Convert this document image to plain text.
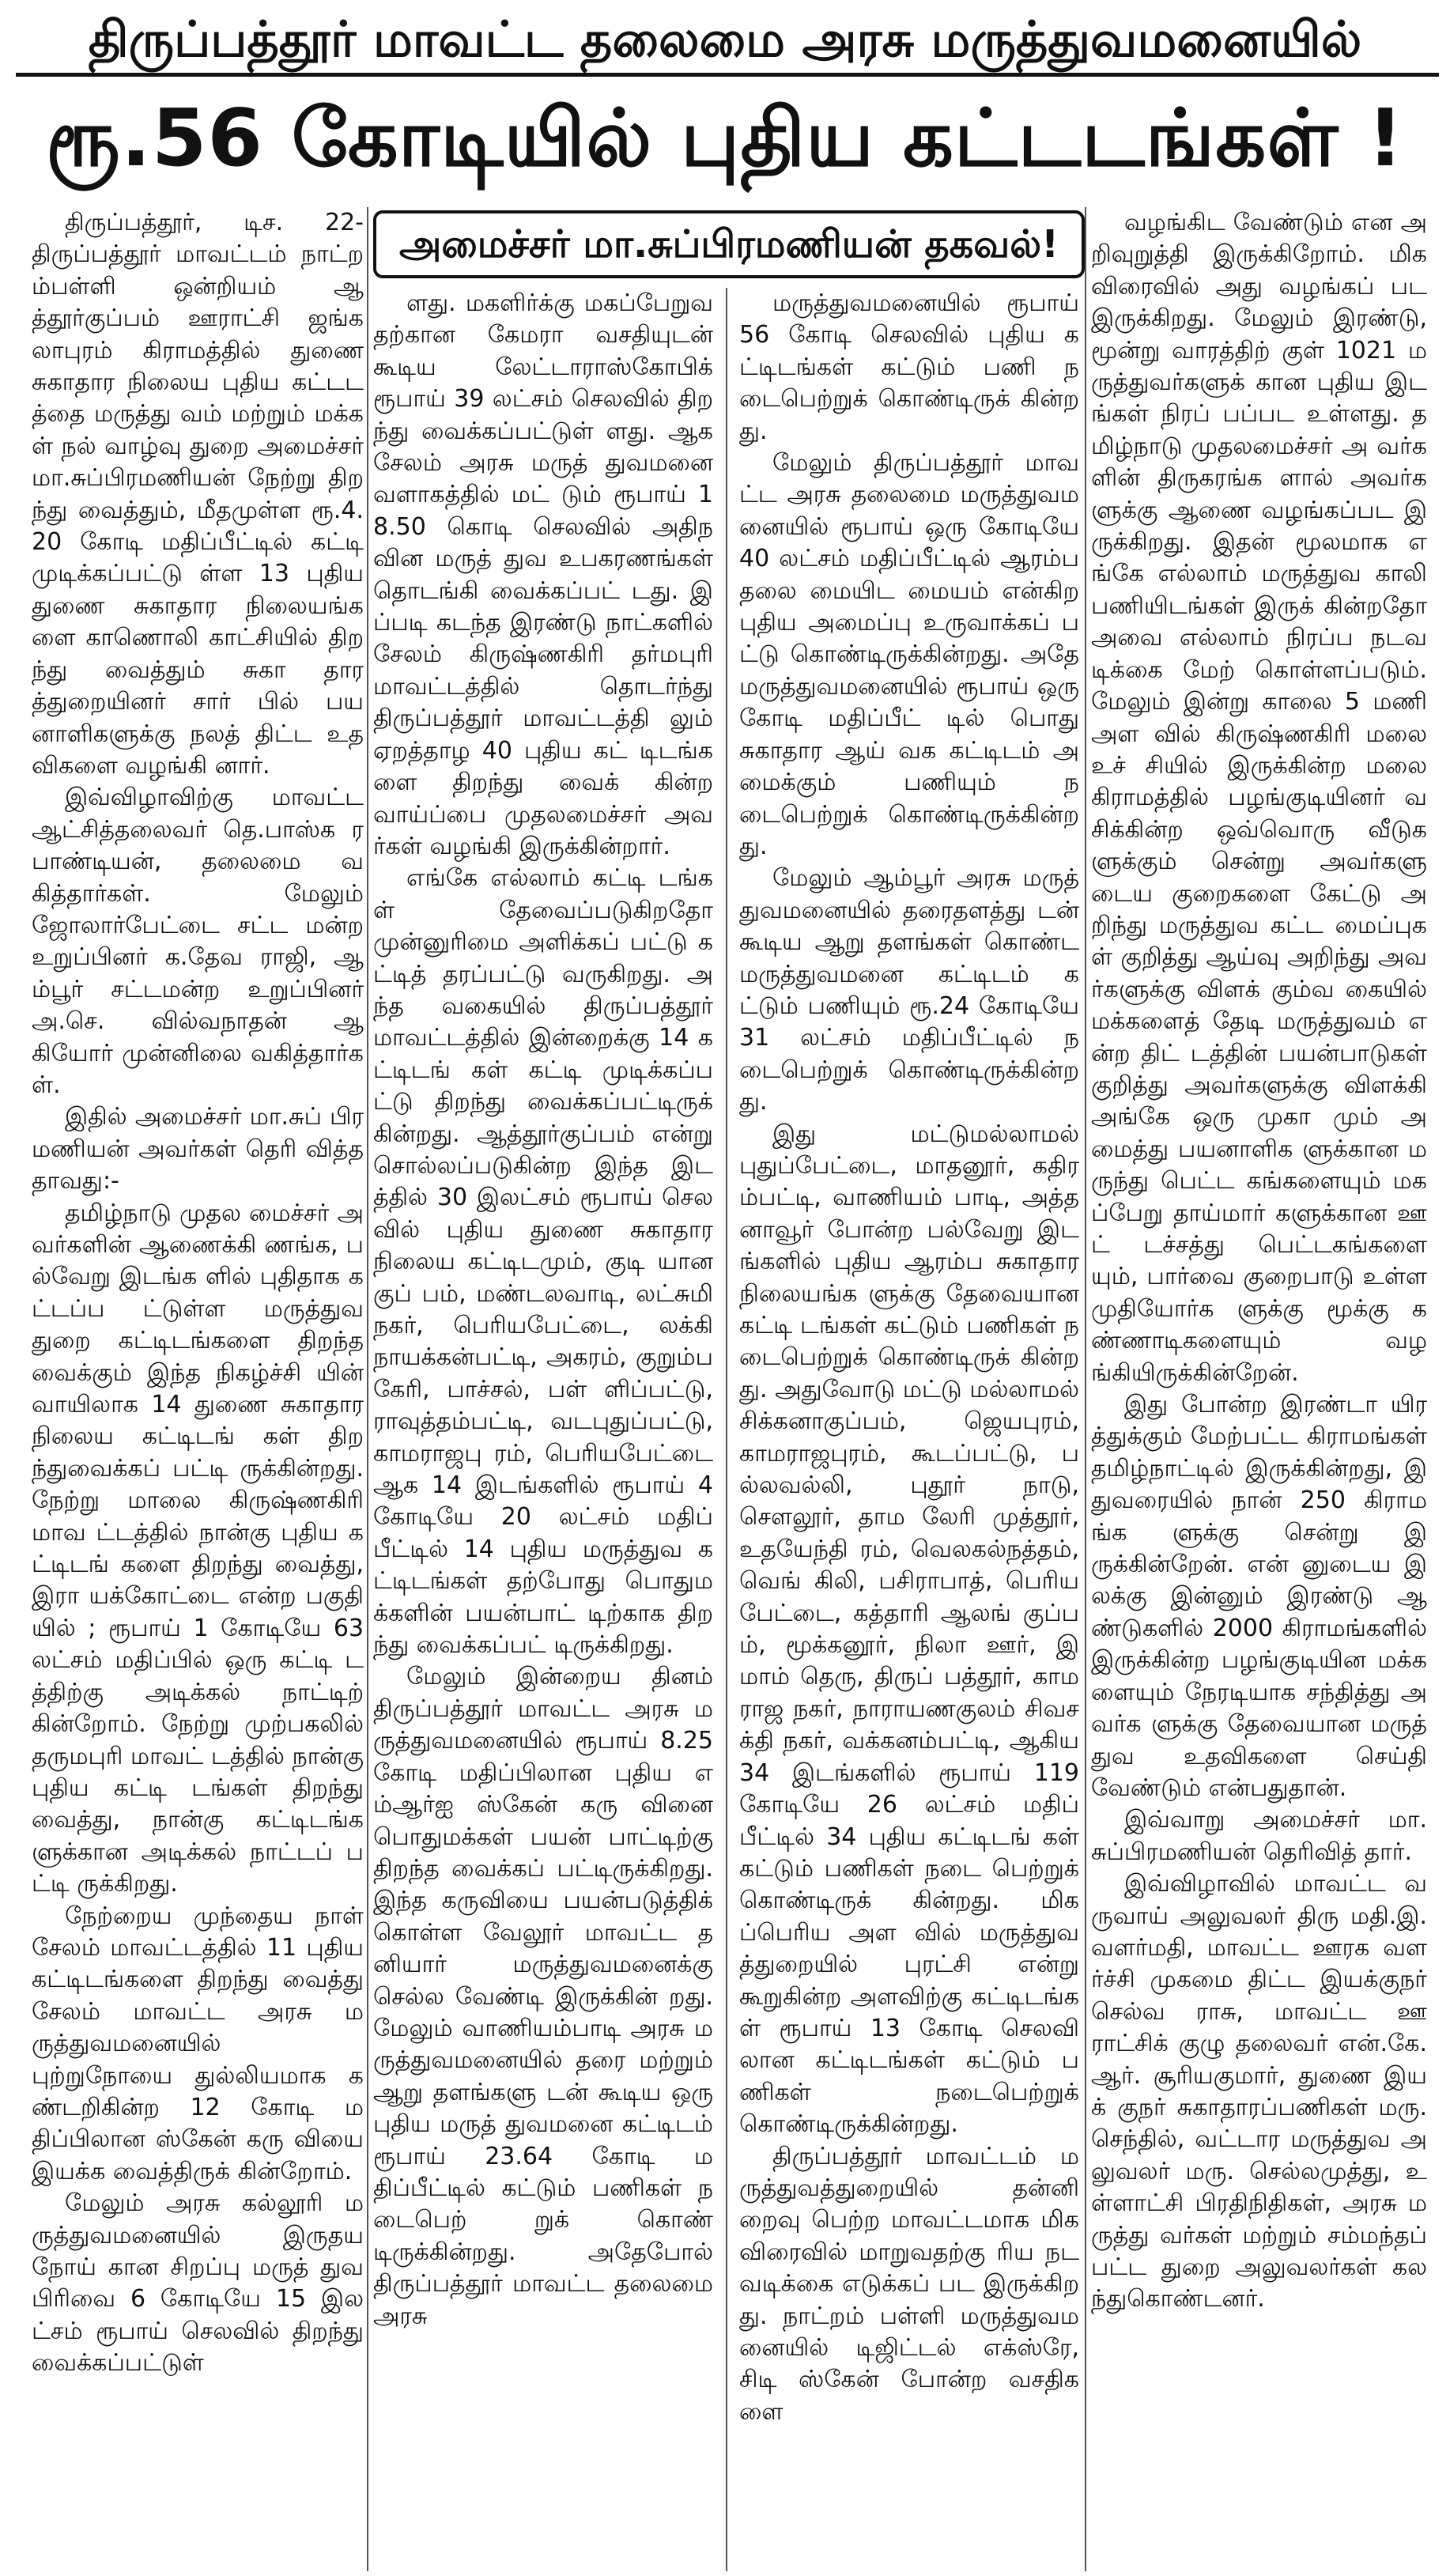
திருப்பத்தூர் மாவட்ட தலைமை அரசு மருத்துவமனையில்
ரூ.56 கோடியில் புதிய கட்டடங்கள் !
அமைச்சர் மா.சுப்பிரமணியன் தகவல்!

திருப்பத்தூர், டிச. 22- திருப்பத்தூர் மாவட்டம் நாட்றம்பள்ளி ஒன்றியம் ஆத்தூர்குப்பம் ஊராட்சி ஜங்கலாபுரம் கிராமத்தில் துணை சுகாதார நிலைய புதிய கட்டடத்தை மருத்து வம் மற்றும் மக்கள் நல் வாழ்வு துறை அமைச்சர் மா.சுப்பிரமணியன் நேற்று திறந்து வைத்தும், மீதமுள்ள ரூ.4.20 கோடி மதிப்பீட்டில் கட்டி முடிக்கப்பட்டு ள்ள 13 புதிய துணை சுகாதார நிலையங்களை காணொலி காட்சியில் திறந்து வைத்தும் சுகா தாரத்துறையினர் சார் பில் பயனாளிகளுக்கு நலத் திட்ட உதவிகளை வழங்கி னார்.

இவ்விழாவிற்கு மாவட்ட ஆட்சித்தலைவர் தெ.பாஸ்க ரபாண்டியன், தலைமை வகித்தார்கள். மேலும் ஜோலார்பேட்டை சட்ட மன்ற உறுப்பினர் க.தேவ ராஜி, ஆம்பூர் சட்டமன்ற உறுப்பினர் அ.செ. வில்வநாதன் ஆகியோர் முன்னிலை வகித்தார்கள்.

இதில் அமைச்சர் மா.சுப் பிரமணியன் அவர்கள் தெரி வித்ததாவது:-

தமிழ்நாடு முதல மைச்சர் அவர்களின் ஆணைக்கி ணங்க, பல்வேறு இடங்க ளில் புதிதாக கட்டப்ப ட்டுள்ள மருத்துவ துறை கட்டிடங்களை திறந்த வைக்கும் இந்த நிகழ்ச்சி யின் வாயிலாக 14 துணை சுகாதார நிலைய கட்டிடங் கள் திறந்துவைக்கப் பட்டி ருக்கின்றது. நேற்று மாலை கிருஷ்ணகிரி மாவ ட்டத்தில் நான்கு புதிய கட்டிடங் களை திறந்து வைத்து, இரா யக்கோட்டை என்ற பகுதி யில் ; ரூபாய் 1 கோடியே 63 லட்சம் மதிப்பில் ஒரு கட்டி டத்திற்கு அடிக்கல் நாட்டிற் கின்றோம். நேற்று முற்பகலில் தருமபுரி மாவட் டத்தில் நான்கு புதிய கட்டி டங்கள் திறந்து வைத்து, நான்கு கட்டிடங்களுக்கான அடிக்கல் நாட்டப் பட்டி ருக்கிறது.

நேற்றைய முந்தைய நாள் சேலம் மாவட்டத்தில் 11 புதிய கட்டிடங்களை திறந்து வைத்து சேலம் மாவட்ட அரசு மருத்துவமனையில் புற்றுநோயை துல்லியமாக கண்டறிகின்ற 12 கோடி மதிப்பிலான ஸ்கேன் கரு வியை இயக்க வைத்திருக் கின்றோம்.

மேலும் அரசு கல்லூரி மருத்துவமனையில் இருதய நோய் கான சிறப்பு மருத் துவ பிரிவை 6 கோடியே 15 இலட்சம் ரூபாய் செலவில் திறந்து வைக்கப்பட்டுள்

ளது. மகளிர்க்கு மகப்பேறுவ தற்கான கேமரா வசதியுடன் கூடிய லேட்டாராஸ்கோபிக் ரூபாய் 39 லட்சம் செலவில் திறந்து வைக்கப்பட்டுள் ளது. ஆக சேலம் அரசு மருத் துவமனை வளாகத்தில் மட் டும் ரூபாய் 18.50 கொடி செலவில் அதிநவின மருத் துவ உபகரணங்கள் தொடங்கி வைக்கப்பட் டது. இப்படி கடந்த இரண்டு நாட்களில் சேலம் கிருஷ்ணகிரி தர்மபுரி மாவட்டத்தில் தொடர்ந்து திருப்பத்தூர் மாவட்டத்தி லும் ஏறத்தாழ 40 புதிய கட் டிடங்களை திறந்து வைக் கின்ற வாய்ப்பை முதலமைச்சர் அவர்கள் வழங்கி இருக்கின்றார்.

எங்கே எல்லாம் கட்டி டங்கள் தேவைப்படுகிறதோ முன்னுரிமை அளிக்கப் பட்டு கட்டித் தரப்பட்டு வருகிறது. அந்த வகையில் திருப்பத்தூர் மாவட்டத்தில் இன்றைக்கு 14 கட்டிடங் கள் கட்டி முடிக்கப்பட்டு திறந்து வைக்கப்பட்டிருக் கின்றது. ஆத்தூர்குப்பம் என்று சொல்லப்படுகின்ற இந்த இடத்தில் 30 இலட்சம் ரூபாய் செலவில் புதிய துணை சுகாதார நிலைய கட்டிடமும், குடி யானகுப் பம், மண்டலவாடி, லட்சுமி நகர், பெரியபேட்டை, லக்கி நாயக்கன்பட்டி, அகரம், குறும்ப கேரி, பாச்சல், பள் ளிப்பட்டு, ராவுத்தம்பட்டி, வடபுதுப்பட்டு, காமராஜபு ரம், பெரியபேட்டை ஆக 14 இடங்களில் ரூபாய் 4 கோடியே 20 லட்சம் மதிப் பீட்டில் 14 புதிய மருத்துவ கட்டிடங்கள் தற்போது பொதுமக்களின் பயன்பாட் டிற்காக திறந்து வைக்கப்பட் டிருக்கிறது.

மேலும் இன்றைய தினம் திருப்பத்தூர் மாவட்ட அரசு மருத்துவமனையில் ரூபாய் 8.25 கோடி மதிப்பிலான புதிய எம்ஆர்ஐ ஸ்கேன் கரு வினை பொதுமக்கள் பயன் பாட்டிற்கு திறந்த வைக்கப் பட்டிருக்கிறது. இந்த கருவியை பயன்படுத்திக் கொள்ள வேலூர் மாவட்ட தனியார் மருத்துவமனைக்கு செல்ல வேண்டி இருக்கின் றது. மேலும் வாணியம்பாடி அரசு மருத்துவமனையில் தரை மற்றும் ஆறு தளங்களு டன் கூடிய ஒரு புதிய மருத் துவமனை கட்டிடம் ரூபாய் 23.64 கோடி மதிப்பீட்டில் கட்டும் பணிகள் நடைபெற் றுக் கொண் டிருக்கின்றது. அதேபோல் திருப்பத்தூர் மாவட்ட தலைமை அரசு

மருத்துவமனையில் ரூபாய் 56 கோடி செலவில் புதிய கட்டிடங்கள் கட்டும் பணி நடைபெற்றுக் கொண்டிருக் கின்றது.

மேலும் திருப்பத்தூர் மாவட்ட அரசு தலைமை மருத்துவமனையில் ரூபாய் ஒரு கோடியே 40 லட்சம் மதிப்பீட்டில் ஆரம்ப தலை மையிட மையம் என்கிற புதிய அமைப்பு உருவாக்கப் பட்டு கொண்டிருக்கின்றது. அதே மருத்துவமனையில் ரூபாய் ஒரு கோடி மதிப்பீட் டில் பொது சுகாதார ஆய் வக கட்டிடம் அமைக்கும் பணியும் நடைபெற்றுக் கொண்டிருக்கின்றது.

மேலும் ஆம்பூர் அரசு மருத் துவமனையில் தரைதளத்து டன் கூடிய ஆறு தளங்கள் கொண்ட மருத்துவமனை கட்டிடம் கட்டும் பணியும் ரூ.24 கோடியே 31 லட்சம் மதிப்பீட்டில் நடைபெற்றுக் கொண்டிருக்கின்றது.

இது மட்டுமல்லாமல் புதுப்பேட்டை, மாதனூர், கதிரம்பட்டி, வாணியம் பாடி, அத்தனாவூர் போன்ற பல்வேறு இடங்களில் புதிய ஆரம்ப சுகாதார நிலையங்க ளுக்கு தேவையான கட்டி டங்கள் கட்டும் பணிகள் நடைபெற்றுக் கொண்டிருக் கின்றது. அதுவோடு மட்டு மல்லாமல் சிக்கனாகுப்பம், ஜெயபுரம், காமராஜபுரம், கூடப்பட்டு, பல்லவல்லி, புதூர் நாடு, சௌலூர், தாம லேரி முத்தூர், உதயேந்தி ரம், வெலகல்நத்தம், வெங் கிலி, பசிராபாத், பெரிய பேட்டை, கத்தாரி ஆலங் குப்பம், மூக்கனூர், நிலா ஊர், இமாம் தெரு, திருப் பத்தூர், காமராஜ நகர், நாராயணகுலம் சிவசக்தி நகர், வக்கனம்பட்டி, ஆகிய 34 இடங்களில் ரூபாய் 119 கோடியே 26 லட்சம் மதிப் பீட்டில் 34 புதிய கட்டிடங் கள் கட்டும் பணிகள் நடை பெற்றுக் கொண்டிருக் கின்றது. மிகப்பெரிய அள வில் மருத்துவத்துறையில் புரட்சி என்று கூறுகின்ற அளவிற்கு கட்டிடங்கள் ரூபாய் 13 கோடி செலவி லான கட்டிடங்கள் கட்டும் பணிகள் நடைபெற்றுக் கொண்டிருக்கின்றது.

திருப்பத்தூர் மாவட்டம் மருத்துவத்துறையில் தன்னி றைவு பெற்ற மாவட்டமாக மிக விரைவில் மாறுவதற்கு ரிய நடவடிக்கை எடுக்கப் பட இருக்கிறது. நாட்றம் பள்ளி மருத்துவமனையில் டிஜிட்டல் எக்ஸ்ரே, சிடி ஸ்கேன் போன்ற வசதிகளை

வழங்கிட வேண்டும் என அறிவுறுத்தி இருக்கிறோம். மிக விரைவில் அது வழங்கப் பட இருக்கிறது. மேலும் இரண்டு, மூன்று வாரத்திற் குள் 1021 மருத்துவர்களுக் கான புதிய இடங்கள் நிரப் பப்பட உள்ளது. தமிழ்நாடு முதலமைச்சர் அ வர்களின் திருகரங்க ளால் அவர்க ளுக்கு ஆணை வழங்கப்பட இருக்கிறது. இதன் மூலமாக எங்கே எல்லாம் மருத்துவ காலி பணியிடங்கள் இருக் கின்றதோ அவை எல்லாம் நிரப்ப நடவடிக்கை மேற் கொள்ளப்படும். மேலும் இன்று காலை 5 மணி அள வில் கிருஷ்ணகிரி மலை உச் சியில் இருக்கின்ற மலை கிராமத்தில் பழங்குடியினர் வசிக்கின்ற ஒவ்வொரு வீடுக ளுக்கும் சென்று அவர்களு டைய குறைகளை கேட்டு அறிந்து மருத்துவ கட்ட மைப்புகள் குறித்து ஆய்வு அறிந்து அவர்களுக்கு விளக் கும்வ கையில் மக்களைத் தேடி மருத்துவம் என்ற திட் டத்தின் பயன்பாடுகள் குறித்து அவர்களுக்கு விளக்கி அங்கே ஒரு முகா மும் அமைத்து பயனாளிக ளுக்கான மருந்து பெட்ட கங்களையும் மகப்பேறு தாய்மார் களுக்கான ஊட் டச்சத்து பெட்டகங்களை யும், பார்வை குறைபாடு உள்ள முதியோர்க ளுக்கு மூக்கு கண்ணாடிகளையும் வழங்கியிருக்கின்றேன்.

இது போன்ற இரண்டா யிரத்துக்கும் மேற்பட்ட கிராமங்கள் தமிழ்நாட்டில் இருக்கின்றது, இதுவரையில் நான் 250 கிராமங்க ளுக்கு சென்று இருக்கின்றேன். என் னுடைய இலக்கு இன்னும் இரண்டு ஆண்டுகளில் 2000 கிராமங்களில் இருக்கின்ற பழங்குடியின மக்களையும் நேரடியாக சந்தித்து அவர்க ளுக்கு தேவையான மருத் துவ உதவிகளை செய்தி வேண்டும் என்பதுதான்.

இவ்வாறு அமைச்சர் மா. சுப்பிரமணியன் தெரிவித் தார்.

இவ்விழாவில் மாவட்ட வருவாய் அலுவலர் திரு மதி.இ.வளர்மதி, மாவட்ட ஊரக வளர்ச்சி முகமை திட்ட இயக்குநர் செல்வ ராசு, மாவட்ட ஊராட்சிக் குழு தலைவர் என்.கே.ஆர். சூரியகுமார், துணை இயக் குநர் சுகாதாரப்பணிகள் மரு.செந்தில், வட்டார மருத்துவ அலுவலர் மரு. செல்லமுத்து, உள்ளாட்சி பிரதிநிதிகள், அரசு மருத்து வர்கள் மற்றும் சம்மந்தப் பட்ட துறை அலுவலர்கள் கலந்துகொண்டனர்.
